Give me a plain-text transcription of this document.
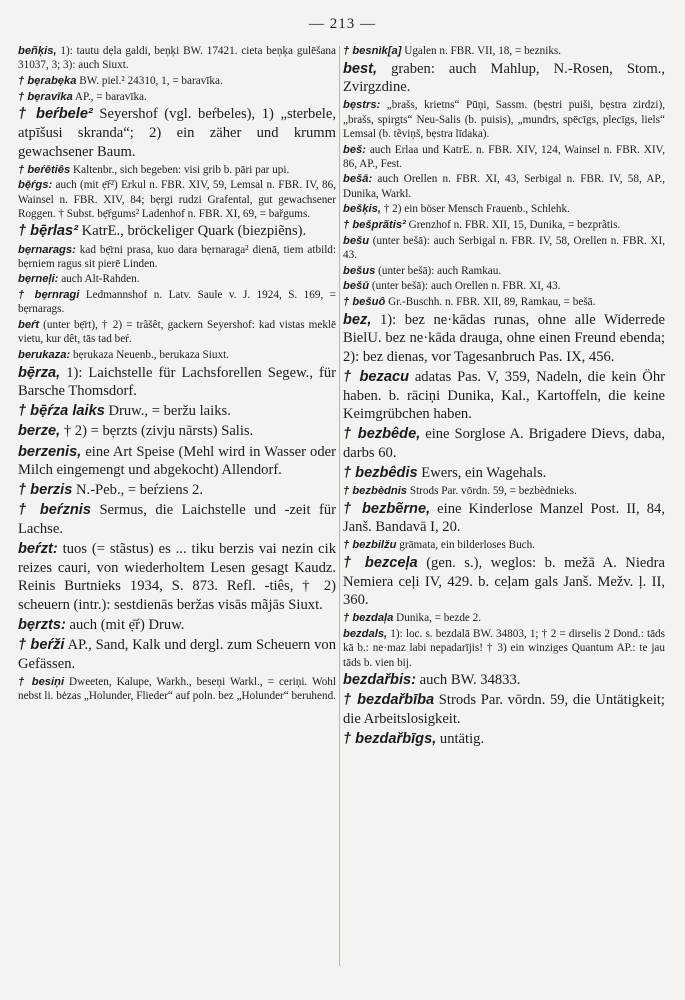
— 213 —
beñķis, 1): tautu dẹla galdi, beņķi BW. 17421. cieta beņķa gulēšana 31037, 3; 3): auch Siuxt.
† bẹrabẹka BW. piel.² 24310, 1, = baravīka.
† bẹravīka AP., = baravīka.
† beŕbele² Seyershof (vgl. beŕbeles), 1) „sterbele, atpīšusi skranda“; 2) ein zäher und krumm gewachsener Baum.
† beŕētiês Kaltenbr., sich begeben: visi grib b. pāri par upi.
bẹ̄ŕgs: auch (mit ẹ̄ŕ²) Erkul n. FBR. XIV, 59, Lemsal n. FBR. IV, 86, Wainsel n. FBR. XIV, 84; bẹrgi rudzi Grafental, gut gewachsener Roggen. † Subst. bẹ̄ŕgums² Ladenhof n. FBR. XI, 69, = bařgums.
† bẹ̄rlas² KatrE., bröckeliger Quark (biezpiẽns).
bẹrnarags: kad bẹ̄rni prasa, kuo dara bẹrnaraga² dienā, tiem atbild: bẹrniem ragus sit pierē Linden.
bẹrneļi: auch Alt-Rahden.
† bẹrnragi Ledmannshof n. Latv. Saule v. J. 1924, S. 169, = bẹrnarags.
beŕt (unter bẹ̄rt), † 2) = trãšêt, gackern Seyershof: kad vistas meklē vietu, kur dêt, tās tad beŕ.
berukaza: bẹrukaza Neuenb., berukaza Siuxt.
bẹ̄rza, 1): Laichstelle für Lachsforellen Segew., für Barsche Thomsdorf.
† bẹ̄ŕza laiks Druw., = beržu laiks.
berze, † 2) = bẹrzts (zivju nārsts) Salis.
berzenis, eine Art Speise (Mehl wird in Wasser oder Milch eingemengt und abgekocht) Allendorf.
† berzis N.-Peb., = beŕziens 2.
† beŕznis Sermus, die Laichstelle und -zeit für Lachse.
beŕzt: tuos (= stãstus) es ... tiku berzis vai nezin cik reizes cauri, von wiederholtem Lesen gesagt Kaudz. Reinis Burtnieks 1934, S. 873. Refl. -tiês, † 2) scheuern (intr.): sestdienās beržas visās mãjās Siuxt.
bẹrzts: auch (mit ẹ̄ŕ) Druw.
† beŕži AP., Sand, Kalk und dergl. zum Scheuern von Gefässen.
† besiņi Dweeten, Kalupe, Warkh., beseņi Warkl., = ceriņi. Wohl nebst li. bėzas „Holunder, Flieder“ auf poln. bez „Holunder“ beruhend.
† besnìk[a] Ugalen n. FBR. VII, 18, = bezniks.
best, graben: auch Mahlup, N.-Rosen, Stom., Zvirgzdine.
bẹstrs: „brašs, krietns“ Pūņi, Sassm. (bẹstri puiši, bẹstra zirdzi), „brašs, spirgts“ Neu-Salis (b. puisis), „mundrs, spēcīgs, plecīgs, liels“ Lemsal (b. tẽviņš, bẹstra līdaka).
beš: auch Erlaa und KatrE. n. FBR. XIV, 124, Wainsel n. FBR. XIV, 86, AP., Fest.
bešā: auch Orellen n. FBR. XI, 43, Serbigal n. FBR. IV, 58, AP., Dunika, Warkl.
bešķis, † 2) ein böser Mensch Frauenb., Schlehk.
† bešprãtis² Grenzhof n. FBR. XII, 15, Dunika, = bezprãtis.
bešu (unter bešā): auch Serbigal n. FBR. IV, 58, Orellen n. FBR. XI, 43.
bešus (unter bešā): auch Ramkau.
bešū (unter bešā): auch Orellen n. FBR. XI, 43.
† bešuô Gr.-Buschh. n. FBR. XII, 89, Ramkau, = bešā.
bez, 1): bez ne·kādas runas, ohne alle Widerrede BielU. bez ne·kāda drauga, ohne einen Freund ebenda; 2): bez dienas, vor Tagesanbruch Pas. IX, 456.
† bezacu adatas Pas. V, 359, Nadeln, die kein Öhr haben. b. rāciņi Dunika, Kal., Kartoffeln, die keine Keimgrübchen haben.
† bezbêde, eine Sorglose A. Brigadere Dievs, daba, darbs 60.
† bezbêdis Ewers, ein Wagehals.
† bezbèdnis Strods Par. vōrdn. 59, = bezbèdnieks.
† bezbẽrne, eine Kinderlose Manzel Post. II, 84, Janš. Bandavā I, 20.
† bezbilžu grāmata, ein bilderloses Buch.
† bezceļa (gen. s.), weglos: b. mežā A. Niedra Nemiera ceļi IV, 429. b. ceļam gals Janš. Mežv. ļ. II, 360.
† bezdaļa Dunika, = bezde 2.
bezdals, 1): loc. s. bezdalā BW. 34803, 1; † 2 = dirselis 2 Dond.: tāds kā b.: ne·maz labi nepadarījis! † 3) ein winziges Quantum AP.: te jau tāds b. vien bij.
bezdařbis: auch BW. 34833.
† bezdařbība Strods Par. vōrdn. 59, die Untätigkeit; die Arbeitslosigkeit.
† bezdařbīgs, untätig.
